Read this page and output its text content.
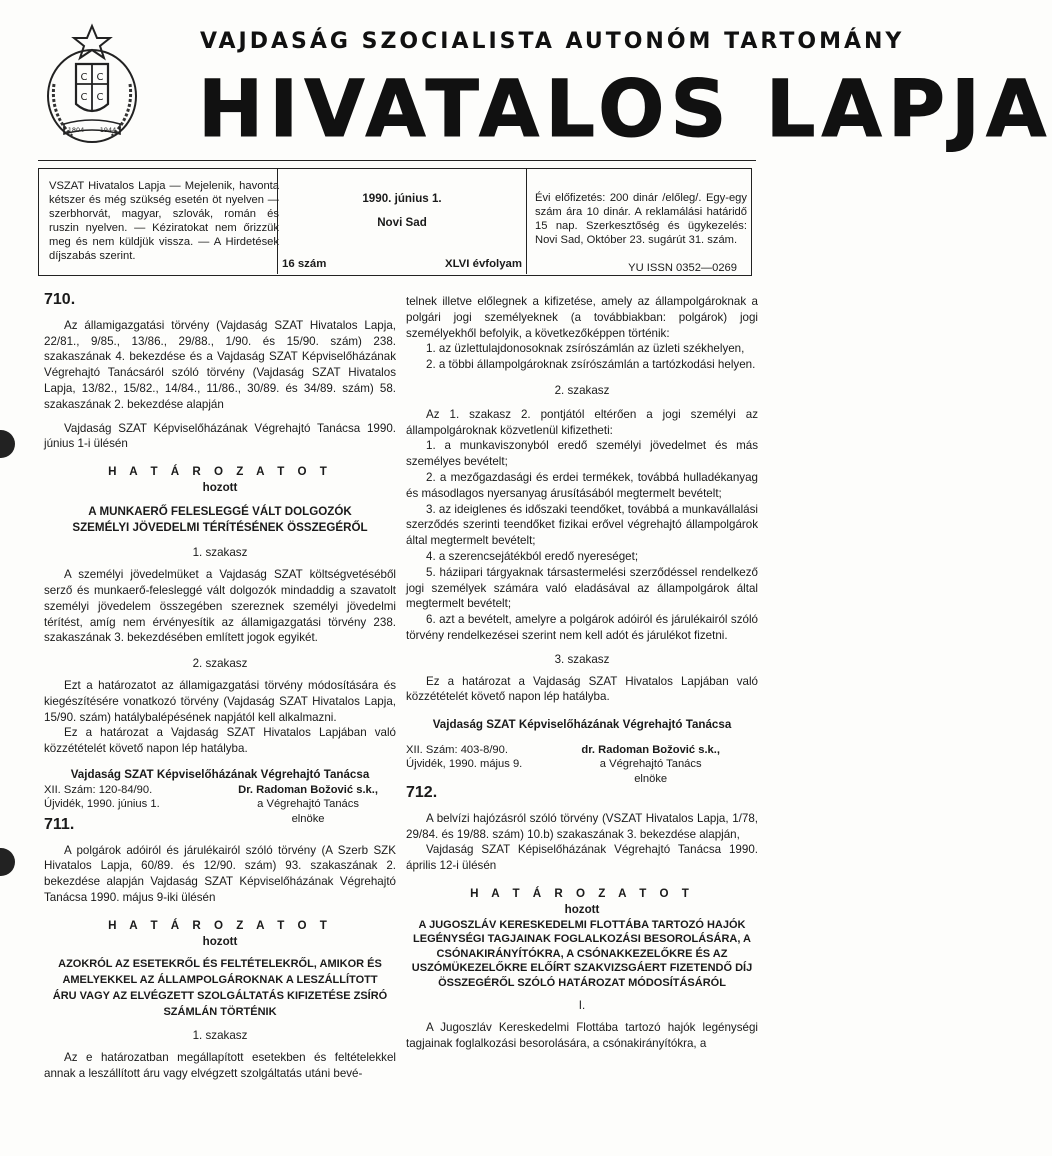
C C
C C
1804 1944
VAJDASÁG SZOCIALISTA AUTONÓM TARTOMÁNY
HIVATALOS LAPJA
VSZAT Hivatalos Lapja — Mejelenik, havonta kétszer és még szükség esetén öt nyelven — szerbhorvát, magyar, szlovák, román és ruszin nyelven. — Kéziratokat nem őrizzük meg és nem küldjük vissza. — A Hirdetések díjszabás szerint.
1990. június 1.
Novi Sad
16 szám	XLVI évfolyam
Évi előfizetés: 200 dinár /előleg/. Egy-egy szám ára 10 dinár. A reklamálási határidő 15 nap. Szerkesztőség és ügykezelés: Novi Sad, Október 23. sugárút 31. szám.
YU ISSN 0352—0269

710.

Az államigazgatási törvény (Vajdaság SZAT Hivatalos Lapja, 22/81., 9/85., 13/86., 29/88., 1/90. és 15/90. szám) 238. szakaszának 4. bekezdése és a Vajdaság SZAT Képviselőházának Végrehajtó Tanácsáról szóló törvény (Vajdaság SZAT Hivatalos Lapja, 13/82., 15/82., 14/84., 11/86., 30/89. és 34/89. szám) 58. szakaszának 2. bekezdése alapján

Vajdaság SZAT Képviselőházának Végrehajtó Tanácsa 1990. június 1-i ülésén

H A T Á R O Z A T O T

hozott

A MUNKAERŐ FELESLEGGÉ VÁLT DOLGOZÓK SZEMÉLYI JÖVEDELMI TÉRÍTÉSÉNEK ÖSSZEGÉRŐL

1. szakasz

A személyi jövedelmüket a Vajdaság SZAT költségvetéséből serző és munkaerő-felesleggé vált dolgozók mindaddig a szavatolt személyi jövedelem összegében szereznek személyi jövedelmi térítést, amíg nem érvényesítik az államigazgatási törvény 238. szakaszának 3. bekezdésében említett jogok egyikét.

2. szakasz

Ezt a határozatot az államigazgatási törvény módosítására és kiegészítésére vonatkozó törvény (Vajdaság SZAT Hivatalos Lapja, 15/90. szám) hatálybalépésének napjától kell alkalmazni.

Ez a határozat a Vajdaság SZAT Hivatalos Lapjában való közzétételét követő napon lép hatályba.

Vajdaság SZAT Képviselőházának Végrehajtó Tanácsa

XII. Szám: 120-84/90.
Újvidék, 1990. június 1.
Dr. Radoman Božović s.k.,
a Végrehajtó Tanács
elnöke

711.

A polgárok adóiról és járulékairól szóló törvény (A Szerb SZK Hivatalos Lapja, 60/89. és 12/90. szám) 93. szakaszának 2. bekezdése alapján Vajdaság SZAT Képviselőházának Végrehajtó Tanácsa 1990. május 9-iki ülésén

H A T Á R O Z A T O T

hozott

AZOKRÓL AZ ESETEKRŐL ÉS FELTÉTELEKRŐL, AMIKOR ÉS AMELYEKKEL AZ ÁLLAMPOLGÁROKNAK A LESZÁLLÍTOTT ÁRU VAGY AZ ELVÉGZETT SZOLGÁLTATÁS KIFIZETÉSE ZSÍRÓ SZÁMLÁN TÖRTÉNIK

1. szakasz

Az e határozatban megállapított esetekben és feltételekkel annak a leszállított áru vagy elvégzett szolgáltatás utáni bevé-

telnek illetve előlegnek a kifizetése, amely az állampolgároknak a polgári jogi személyeknek (a továbbiakban: polgárok) jogi személyekhől befolyik, a következőképpen történik:

1. az üzlettulajdonosoknak zsírószámlán az üzleti székhelyen,

2. a többi állampolgároknak zsírószámlán a tartózkodási helyen.

2. szakasz

Az 1. szakasz 2. pontjától eltérően a jogi személyi az állampolgároknak közvetlenül kifizetheti:

1. a munkaviszonyból eredő személyi jövedelmet és más személyes bevételt;

2. a mezőgazdasági és erdei termékek, továbbá hulladékanyag és másodlagos nyersanyag árusításából megtermelt bevételt;

3. az ideiglenes és időszaki teendőket, továbbá a munkavállalási szerződés szerinti teendőket fizikai erővel végrehajtó állampolgárok által megtermelt bevételt;

4. a szerencsejátékból eredő nyereséget;

5. háziipari tárgyaknak társastermelési szerződéssel rendelkező jogi személyek számára való eladásával az állampolgárok által megtermelt bevételt;

6. azt a bevételt, amelyre a polgárok adóiról és járulékairól szóló törvény rendelkezései szerint nem kell adót és járulékot fizetni.

3. szakasz

Ez a határozat a Vajdaság SZAT Hivatalos Lapjában való közzétételét követő napon lép hatályba.

Vajdaság SZAT Képviselőházának Végrehajtó Tanácsa

XII. Szám: 403-8/90.
Újvidék, 1990. május 9.
dr. Radoman Božović s.k.,
a Végrehajtó Tanács
elnöke

712.

A belvízi hajózásról szóló törvény (VSZAT Hivatalos Lapja, 1/78, 29/84. és 19/88. szám) 10.b) szakaszának 3. bekezdése alapján,

Vajdaság SZAT Képiselőházának Végrehajtó Tanácsa 1990. április 12-i ülésén

H A T Á R O Z A T O T

hozott

A JUGOSZLÁV KERESKEDELMI FLOTTÁBA TARTOZÓ HAJÓK LEGÉNYSÉGI TAGJAINAK FOGLALKOZÁSI BESOROLÁSÁRA, A CSÓNAKIRÁNYÍTÓKRA, A CSÓNAKKEZELŐKRE ÉS AZ USZÓMÜKEZELŐKRE ELŐÍRT SZAKVIZSGÁERT FIZETENDŐ DÍJ ÖSSZEGÉRŐL SZÓLÓ HATÁROZAT MÓDOSÍTÁSÁRÓL

I.

A Jugoszláv Kereskedelmi Flottába tartozó hajók legénységi tagjainak foglalkozási besorolására, a csónakirányítókra, a
